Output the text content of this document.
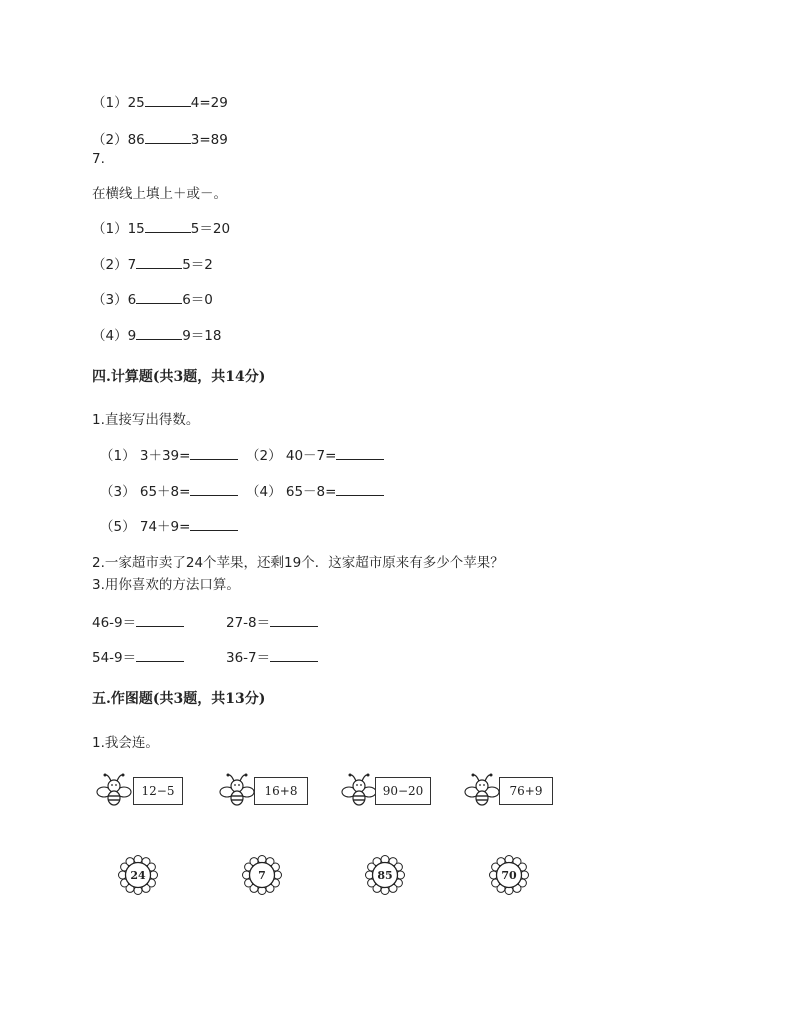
（1）25	4=29
（2）86	3=89
7.
在横线上填上＋或－。
（1）15	5＝20
（2）7	5＝2
（3）6	6＝0
（4）9	9＝18
四.计算题(共3题，共14分)
1.直接写出得数。
（1） 3＋39=	（2） 40－7=
（3） 65＋8=	（4） 65－8=
（5） 74＋9=
2.一家超市卖了24个苹果，还剩19个．这家超市原来有多少个苹果？
3.用你喜欢的方法口算。
46-9＝	27-8＝
54-9＝	36-7＝
五.作图题(共3题，共13分)
1.我会连。
12−5	16+8	90−20	76+9
24	7	85	70
